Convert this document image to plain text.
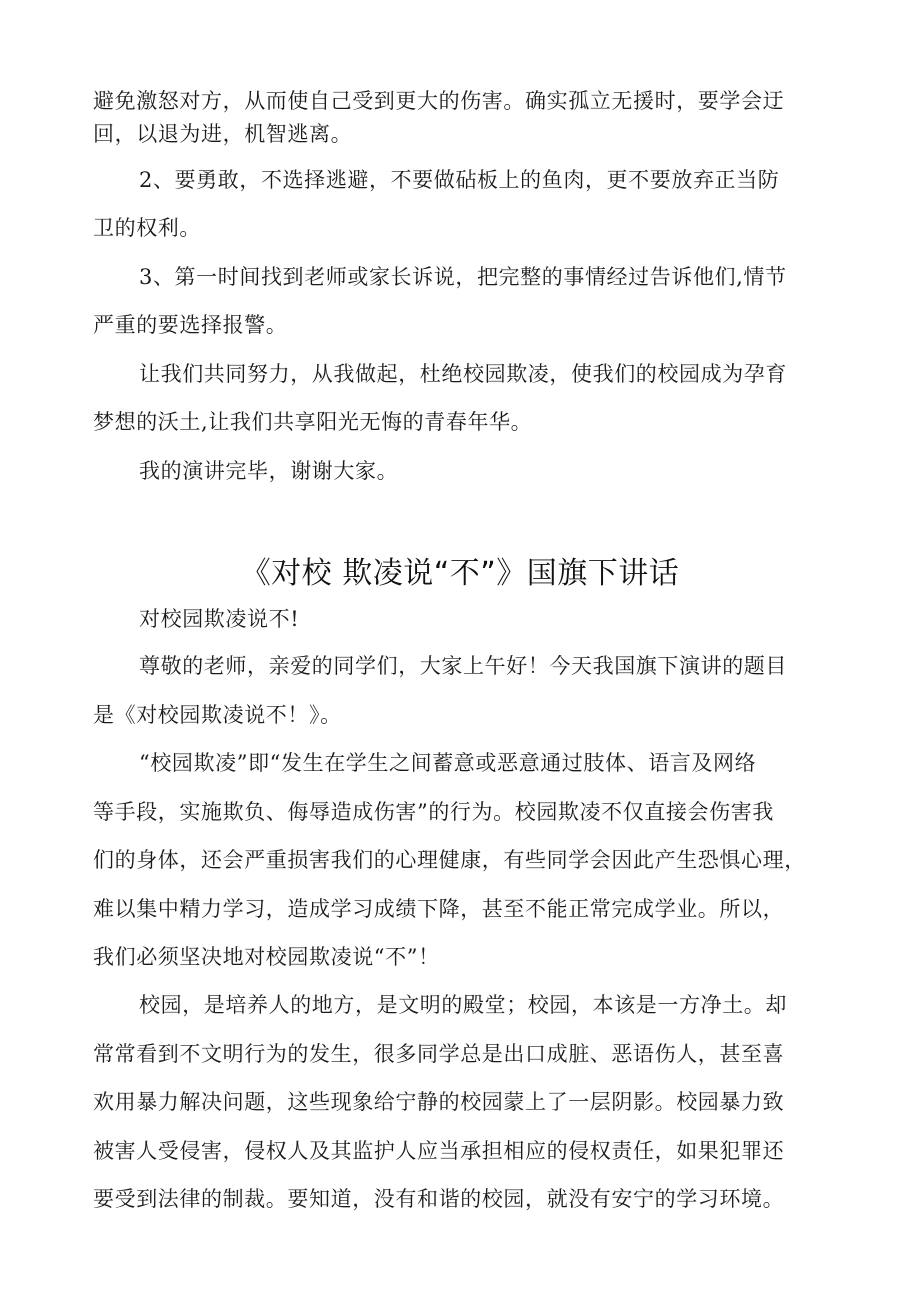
避免激怒对方，从而使自己受到更大的伤害。确实孤立无援时，要学会迂
回，以退为进，机智逃离。
2、要勇敢，不选择逃避，不要做砧板上的鱼肉，更不要放弃正当防
卫的权利。
3、第一时间找到老师或家长诉说，把完整的事情经过告诉他们,情节
严重的要选择报警。
让我们共同努力，从我做起，杜绝校园欺凌，使我们的校园成为孕育
梦想的沃土,让我们共享阳光无悔的青春年华。
我的演讲完毕，谢谢大家。
《对校 欺凌说“不”》国旗下讲话
对校园欺凌说不!
尊敬的老师，亲爱的同学们，大家上午好！今天我国旗下演讲的题目
是《对校园欺凌说不！》。
“校园欺凌”即“发生在学生之间蓄意或恶意通过肢体、语言及网络
等手段，实施欺负、侮辱造成伤害”的行为。校园欺凌不仅直接会伤害我
们的身体，还会严重损害我们的心理健康，有些同学会因此产生恐惧心理，
难以集中精力学习，造成学习成绩下降，甚至不能正常完成学业。所以，
我们必须坚决地对校园欺凌说“不”！
校园，是培养人的地方，是文明的殿堂；校园，本该是一方净土。却
常常看到不文明行为的发生，很多同学总是出口成脏、恶语伤人，甚至喜
欢用暴力解决问题，这些现象给宁静的校园蒙上了一层阴影。校园暴力致
被害人受侵害，侵权人及其监护人应当承担相应的侵权责任，如果犯罪还
要受到法律的制裁。要知道，没有和谐的校园，就没有安宁的学习环境。
